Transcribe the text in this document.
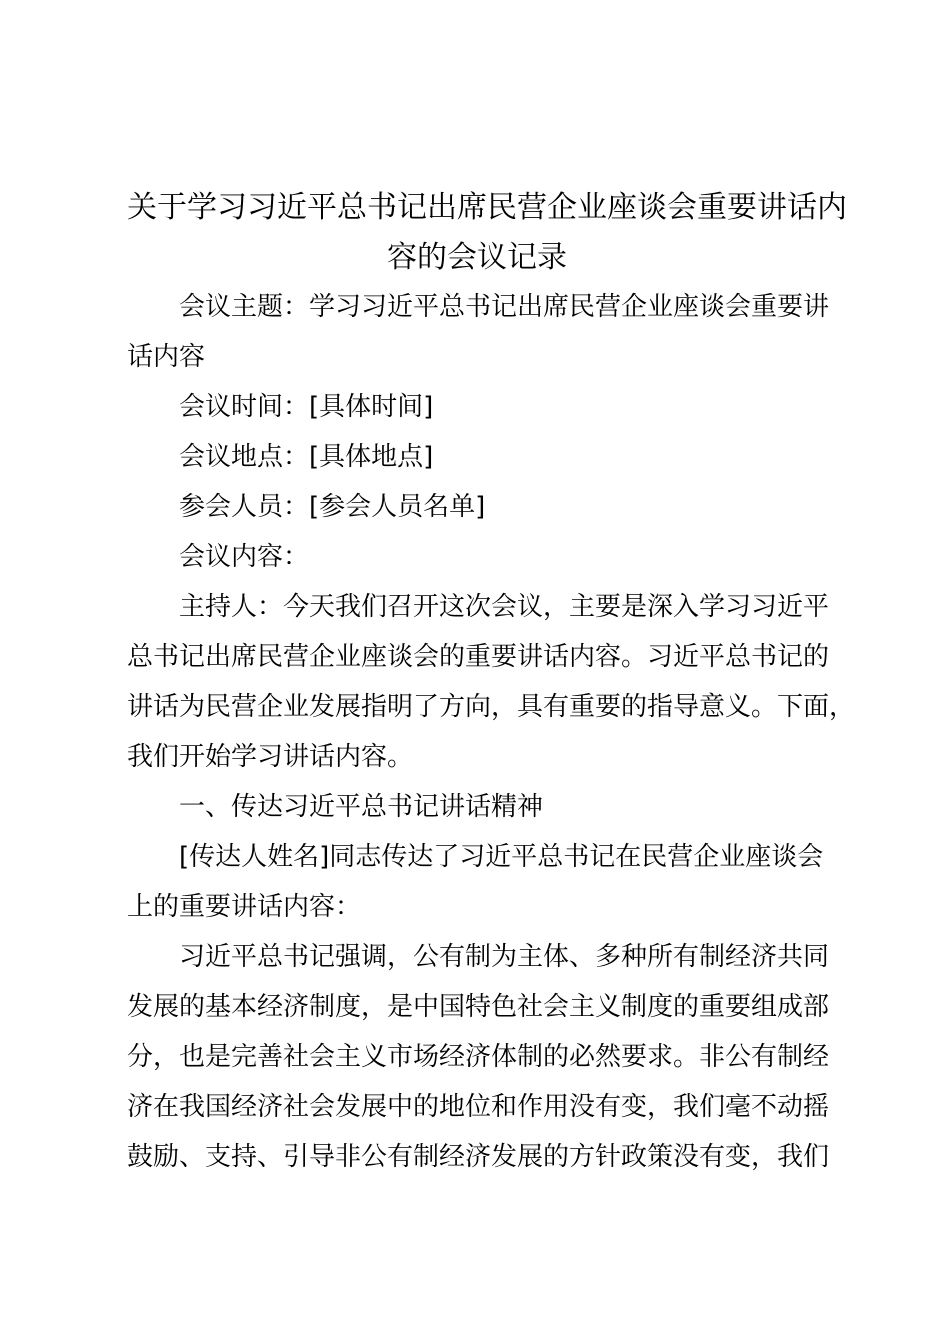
关于学习习近平总书记出席民营企业座谈会重要讲话内
容的会议记录

会议主题：学习习近平总书记出席民营企业座谈会重要讲
话内容

会议时间：[具体时间]

会议地点：[具体地点]

参会人员：[参会人员名单]

会议内容：

主持人：今天我们召开这次会议，主要是深入学习习近平
总书记出席民营企业座谈会的重要讲话内容。习近平总书记的
讲话为民营企业发展指明了方向，具有重要的指导意义。下面，
我们开始学习讲话内容。

一、传达习近平总书记讲话精神

[传达人姓名]同志传达了习近平总书记在民营企业座谈会
上的重要讲话内容：

习近平总书记强调，公有制为主体、多种所有制经济共同
发展的基本经济制度，是中国特色社会主义制度的重要组成部
分，也是完善社会主义市场经济体制的必然要求。非公有制经
济在我国经济社会发展中的地位和作用没有变，我们毫不动摇
鼓励、支持、引导非公有制经济发展的方针政策没有变，我们
